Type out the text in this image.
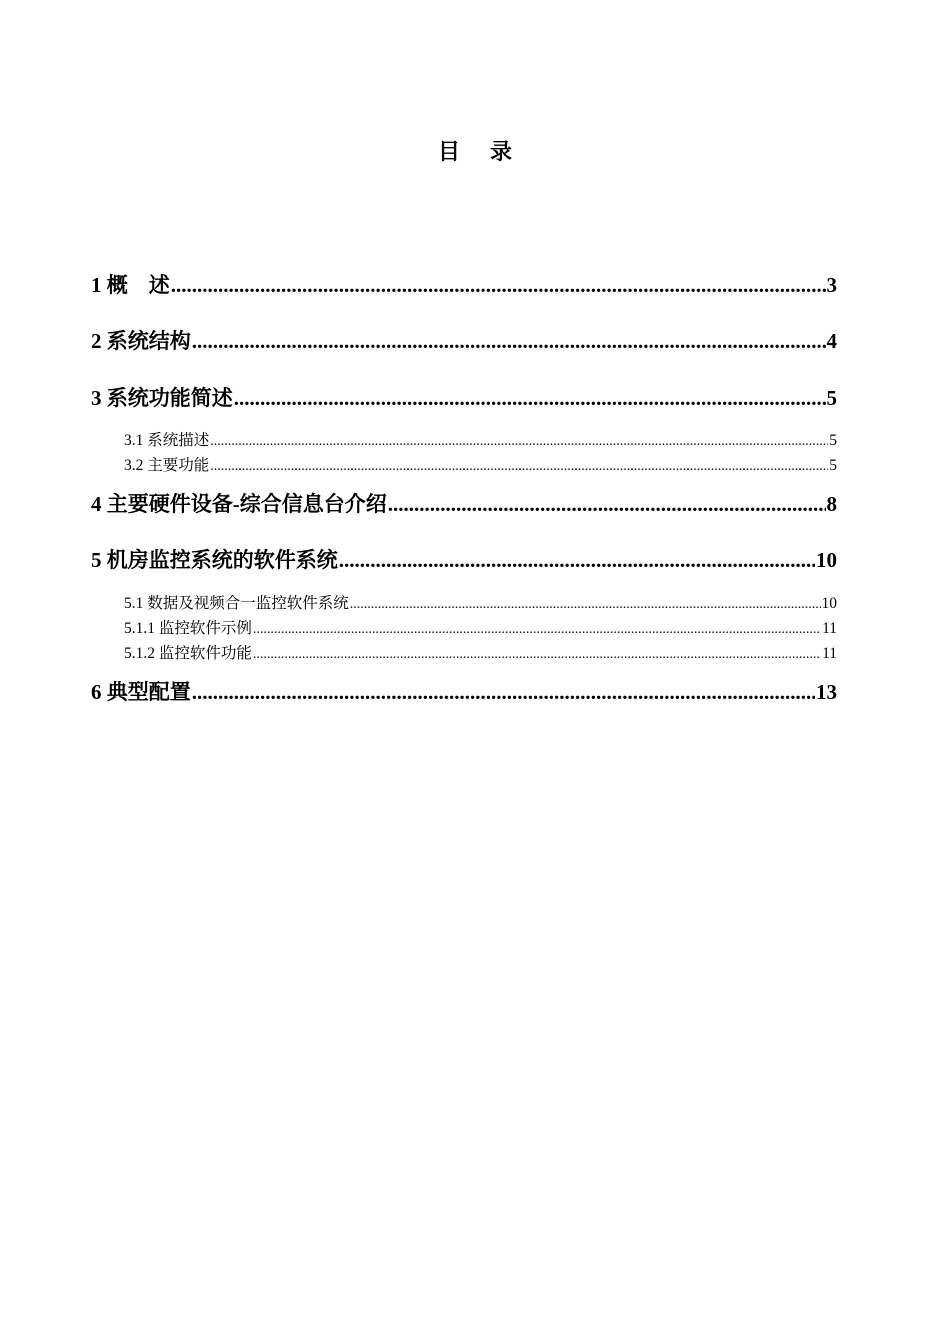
目 录
1 概　述 .....	3
2 系统结构 .....	4
3 系统功能简述 .....	5
3.1 系统描述 .....	5
3.2 主要功能 .....	5
4 主要硬件设备-综合信息台介绍 .....	8
5 机房监控系统的软件系统 .....	10
5.1 数据及视频合一监控软件系统 .....	10
5.1.1 监控软件示例 .....	11
5.1.2 监控软件功能 .....	11
6 典型配置 .....	13
